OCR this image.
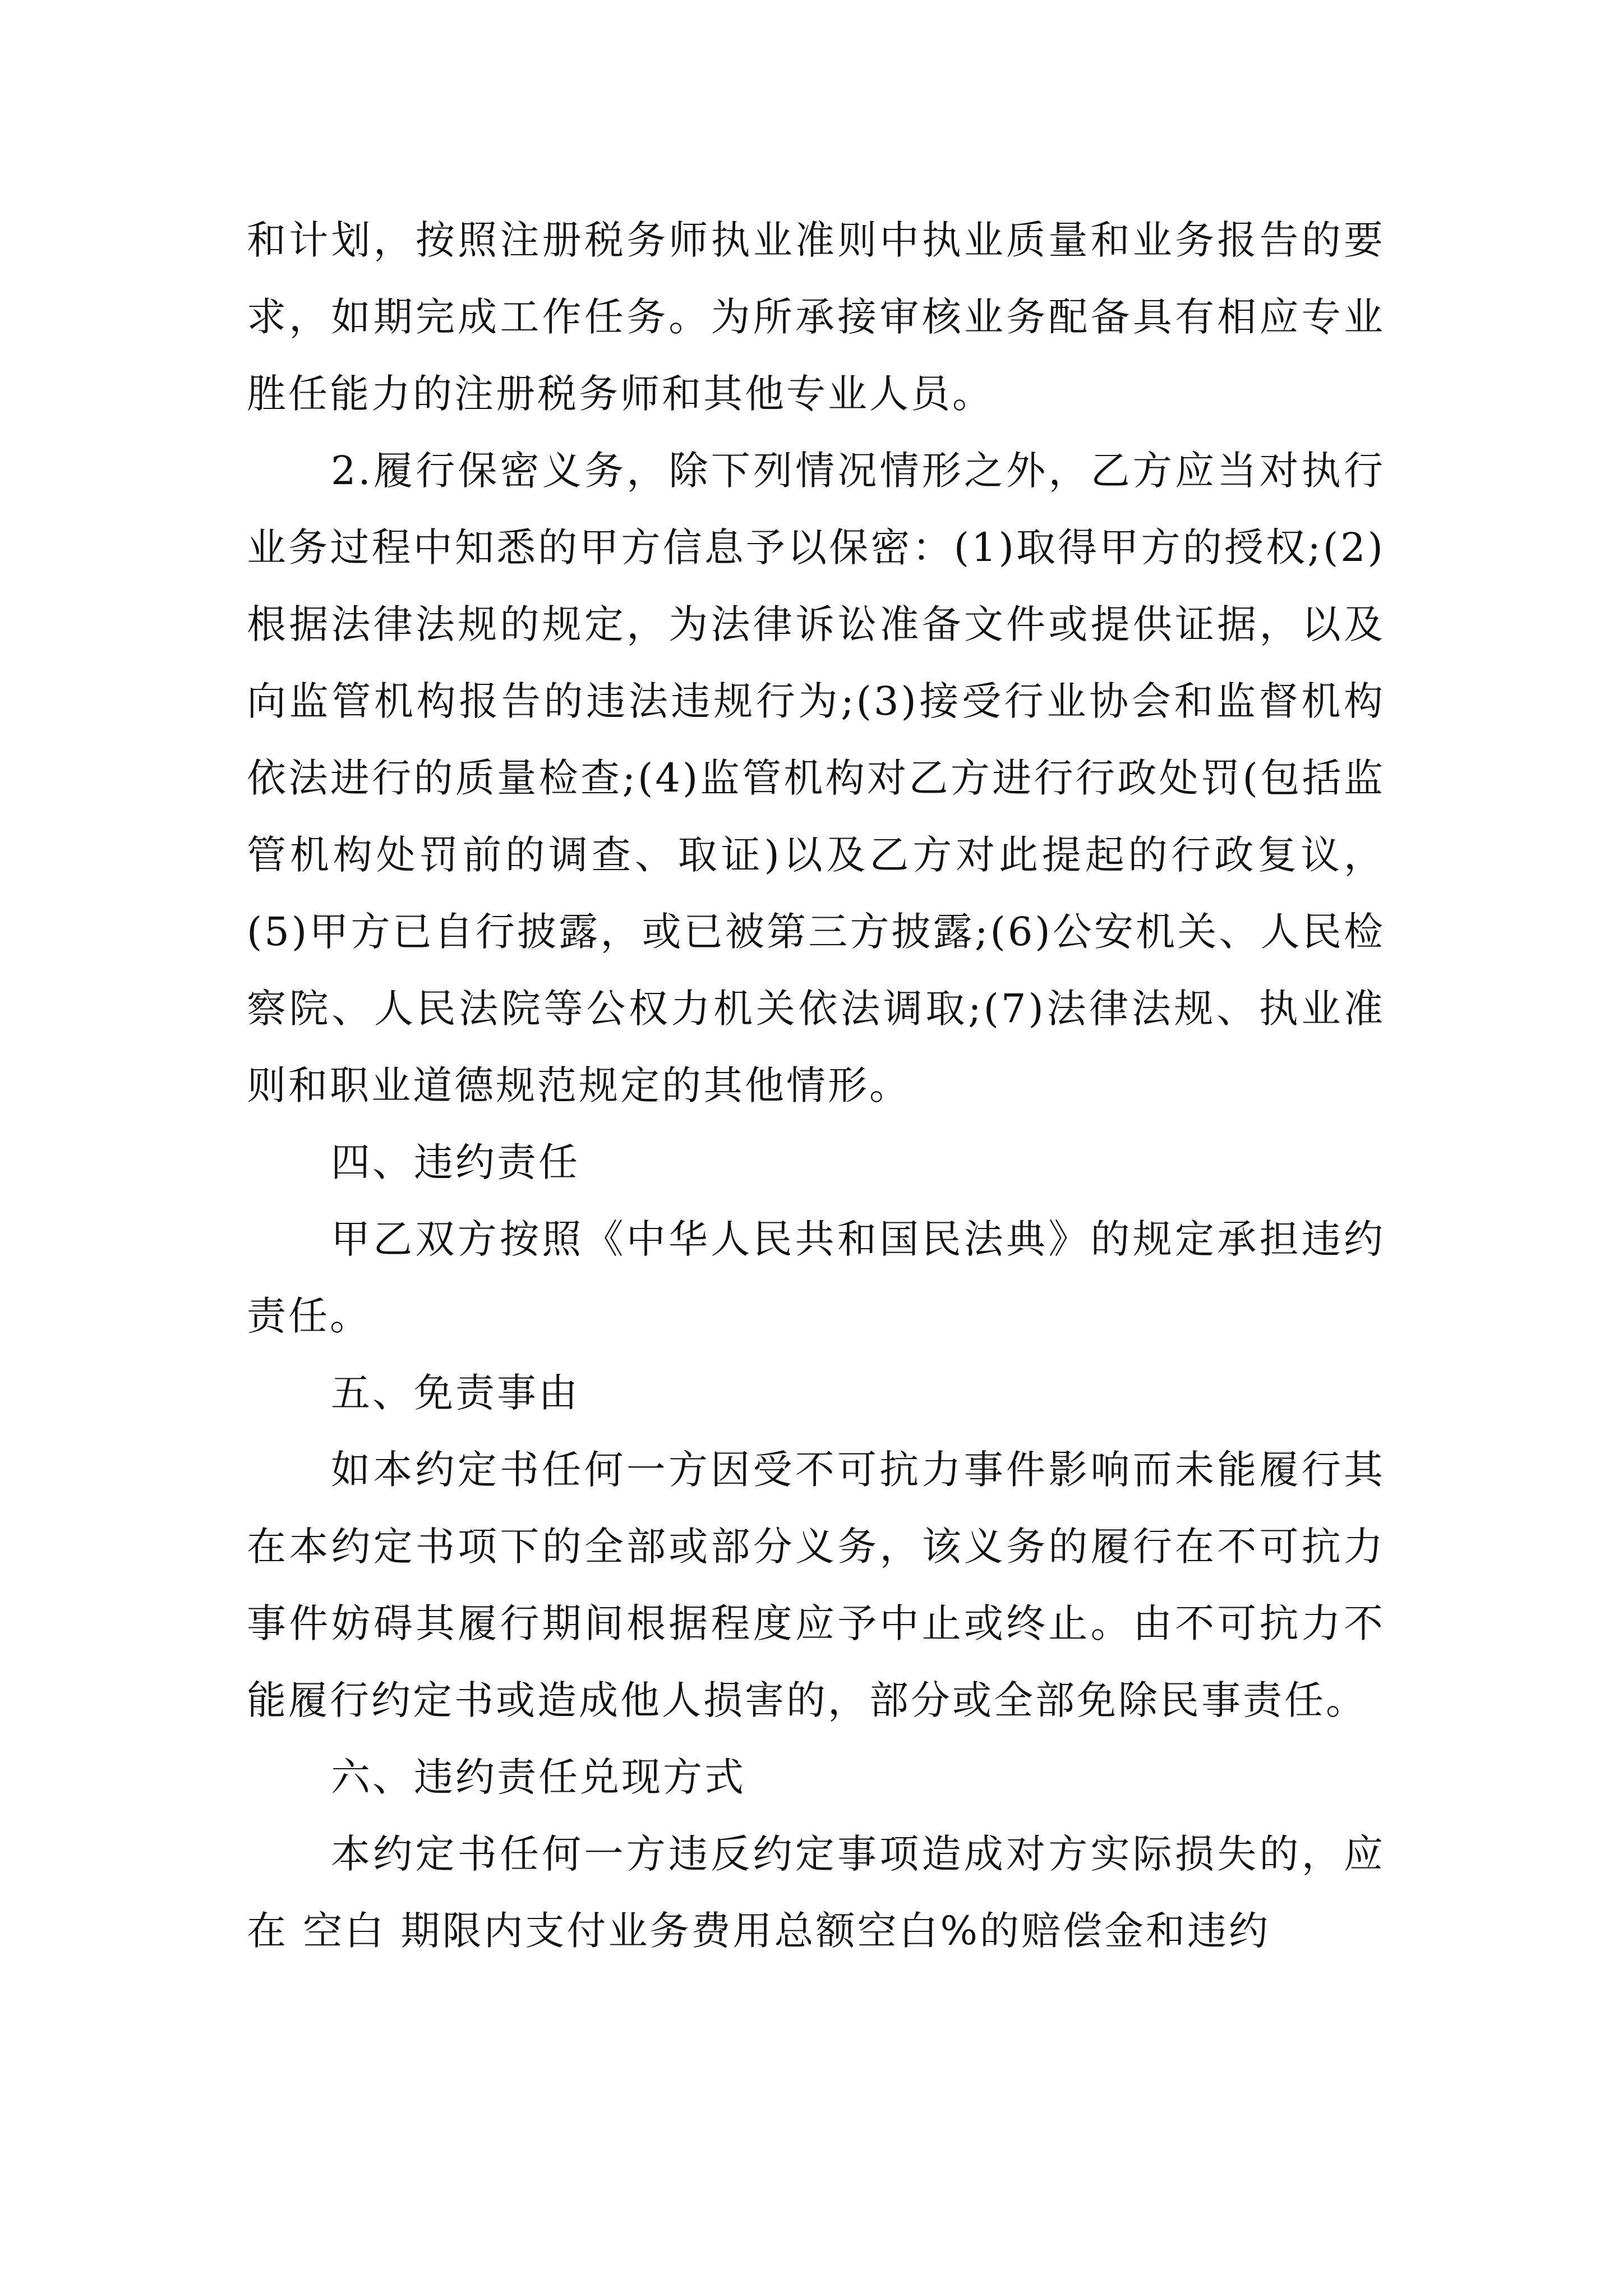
和计划，按照注册税务师执业准则中执业质量和业务报告的要求，如期完成工作任务。为所承接审核业务配备具有相应专业胜任能力的注册税务师和其他专业人员。

2.履行保密义务，除下列情况情形之外，乙方应当对执行业务过程中知悉的甲方信息予以保密：(1)取得甲方的授权;(2)根据法律法规的规定，为法律诉讼准备文件或提供证据，以及向监管机构报告的违法违规行为;(3)接受行业协会和监督机构依法进行的质量检查;(4)监管机构对乙方进行行政处罚(包括监管机构处罚前的调查、取证)以及乙方对此提起的行政复议，(5)甲方已自行披露，或已被第三方披露;(6)公安机关、人民检察院、人民法院等公权力机关依法调取;(7)法律法规、执业准则和职业道德规范规定的其他情形。

四、违约责任

甲乙双方按照《中华人民共和国民法典》的规定承担违约责任。

五、免责事由

如本约定书任何一方因受不可抗力事件影响而未能履行其在本约定书项下的全部或部分义务，该义务的履行在不可抗力事件妨碍其履行期间根据程度应予中止或终止。由不可抗力不能履行约定书或造成他人损害的，部分或全部免除民事责任。

六、违约责任兑现方式

本约定书任何一方违反约定事项造成对方实际损失的，应在 空白 期限内支付业务费用总额空白%的赔偿金和违约
